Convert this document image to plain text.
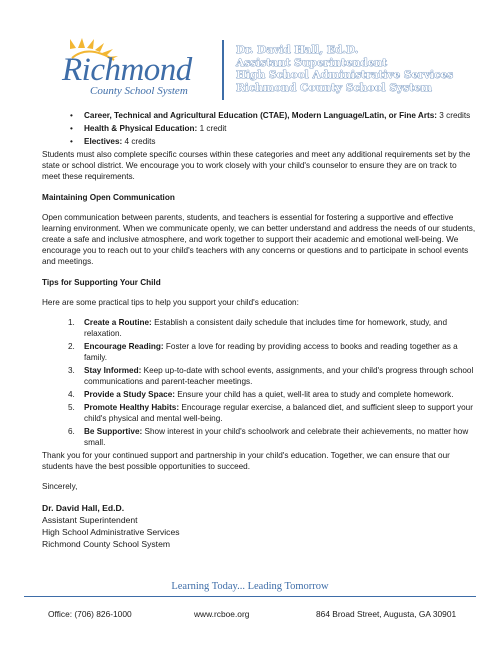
Richmond
County School System
Dr. David Hall, Ed.D.
Assistant Superintendent
High School Administrative Services
Richmond County School System
• Career, Technical and Agricultural Education (CTAE), Modern Language/Latin, or Fine Arts: 3 credits
• Health & Physical Education: 1 credit
• Electives: 4 credits

Students must also complete specific courses within these categories and meet any additional requirements set by the state or school district. We encourage you to work closely with your child's counselor to ensure they are on track to meet these requirements.

Maintaining Open Communication

Open communication between parents, students, and teachers is essential for fostering a supportive and effective learning environment. When we communicate openly, we can better understand and address the needs of our students, create a safe and inclusive atmosphere, and work together to support their academic and emotional well-being. We encourage you to reach out to your child's teachers with any concerns or questions and to participate in school events and meetings.

Tips for Supporting Your Child

Here are some practical tips to help you support your child's education:

1. Create a Routine: Establish a consistent daily schedule that includes time for homework, study, and relaxation.
2. Encourage Reading: Foster a love for reading by providing access to books and reading together as a family.
3. Stay Informed: Keep up-to-date with school events, assignments, and your child's progress through school communications and parent-teacher meetings.
4. Provide a Study Space: Ensure your child has a quiet, well-lit area to study and complete homework.
5. Promote Healthy Habits: Encourage regular exercise, a balanced diet, and sufficient sleep to support your child's physical and mental well-being.
6. Be Supportive: Show interest in your child's schoolwork and celebrate their achievements, no matter how small.

Thank you for your continued support and partnership in your child's education. Together, we can ensure that our students have the best possible opportunities to succeed.

Sincerely,

Dr. David Hall, Ed.D.
Assistant Superintendent
High School Administrative Services
Richmond County School System
Learning Today... Leading Tomorrow
Office: (706) 826-1000	www.rcboe.org	864 Broad Street, Augusta, GA 30901
